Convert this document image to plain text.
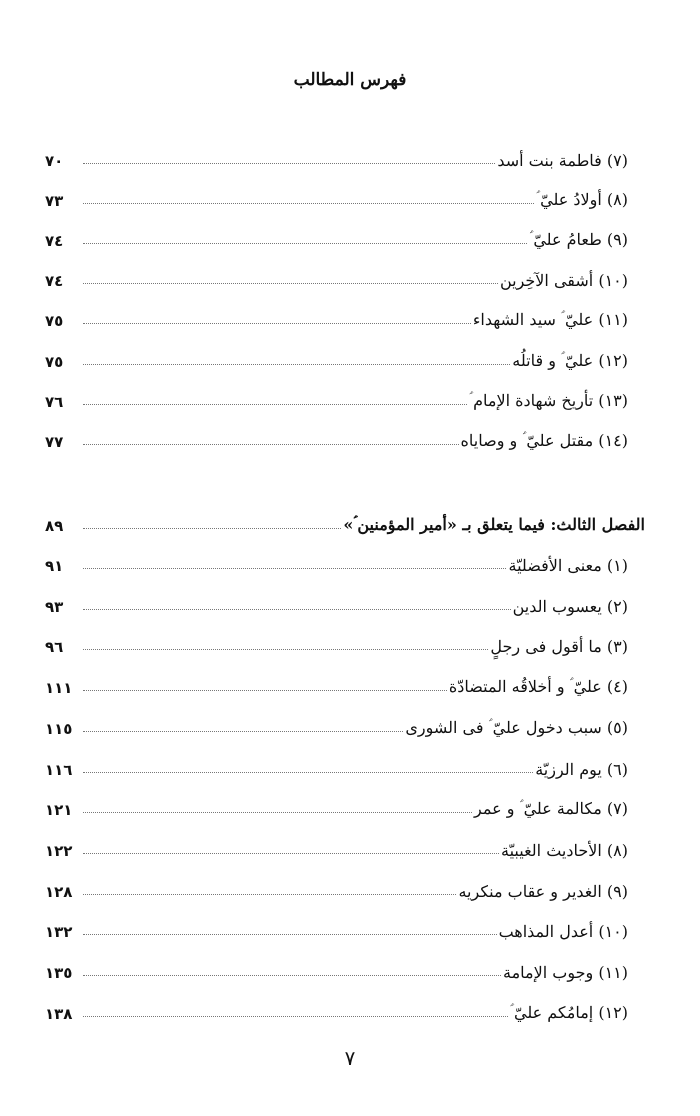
فهرس المطالب
(٧) فاطمة بنت أسد
٧٠
(٨) أولادُ عليّ ؑ
٧٣
(٩) طعامُ عليّ ؑ
٧٤
(١٠) أشقى الآخِرين
٧٤
(١١) عليّ ؑ سيد الشهداء
٧٥
(١٢) عليّ ؑ و قاتلُه
٧٥
(١٣) تأريخ شهادة الإمام ؑ
٧٦
(١٤) مقتل عليّ ؑ و وصاياه
٧٧
الفصل الثالث: فيما يتعلق بـ «أمير المؤمنين ؑ»
٨٩
(١) معنى الأفضليّة
٩١
(٢) يعسوب الدين
٩٣
(٣) ما أقول فى رجلٍ
٩٦
(٤) عليّ ؑ و أخلاقُه المتضادّة
١١١
(٥) سبب دخول عليّ ؑ فى الشورى
١١٥
(٦) يوم الرزيّة
١١٦
(٧) مكالمة عليّ ؑ و عمر
١٢١
(٨) الأحاديث الغيبيّة
١٢٢
(٩) الغدير و عقاب منكريه
١٢٨
(١٠) أعدل المذاهب
١٣٢
(١١) وجوب الإمامة
١٣٥
(١٢) إمامُكم عليّ ؑ
١٣٨
٧
